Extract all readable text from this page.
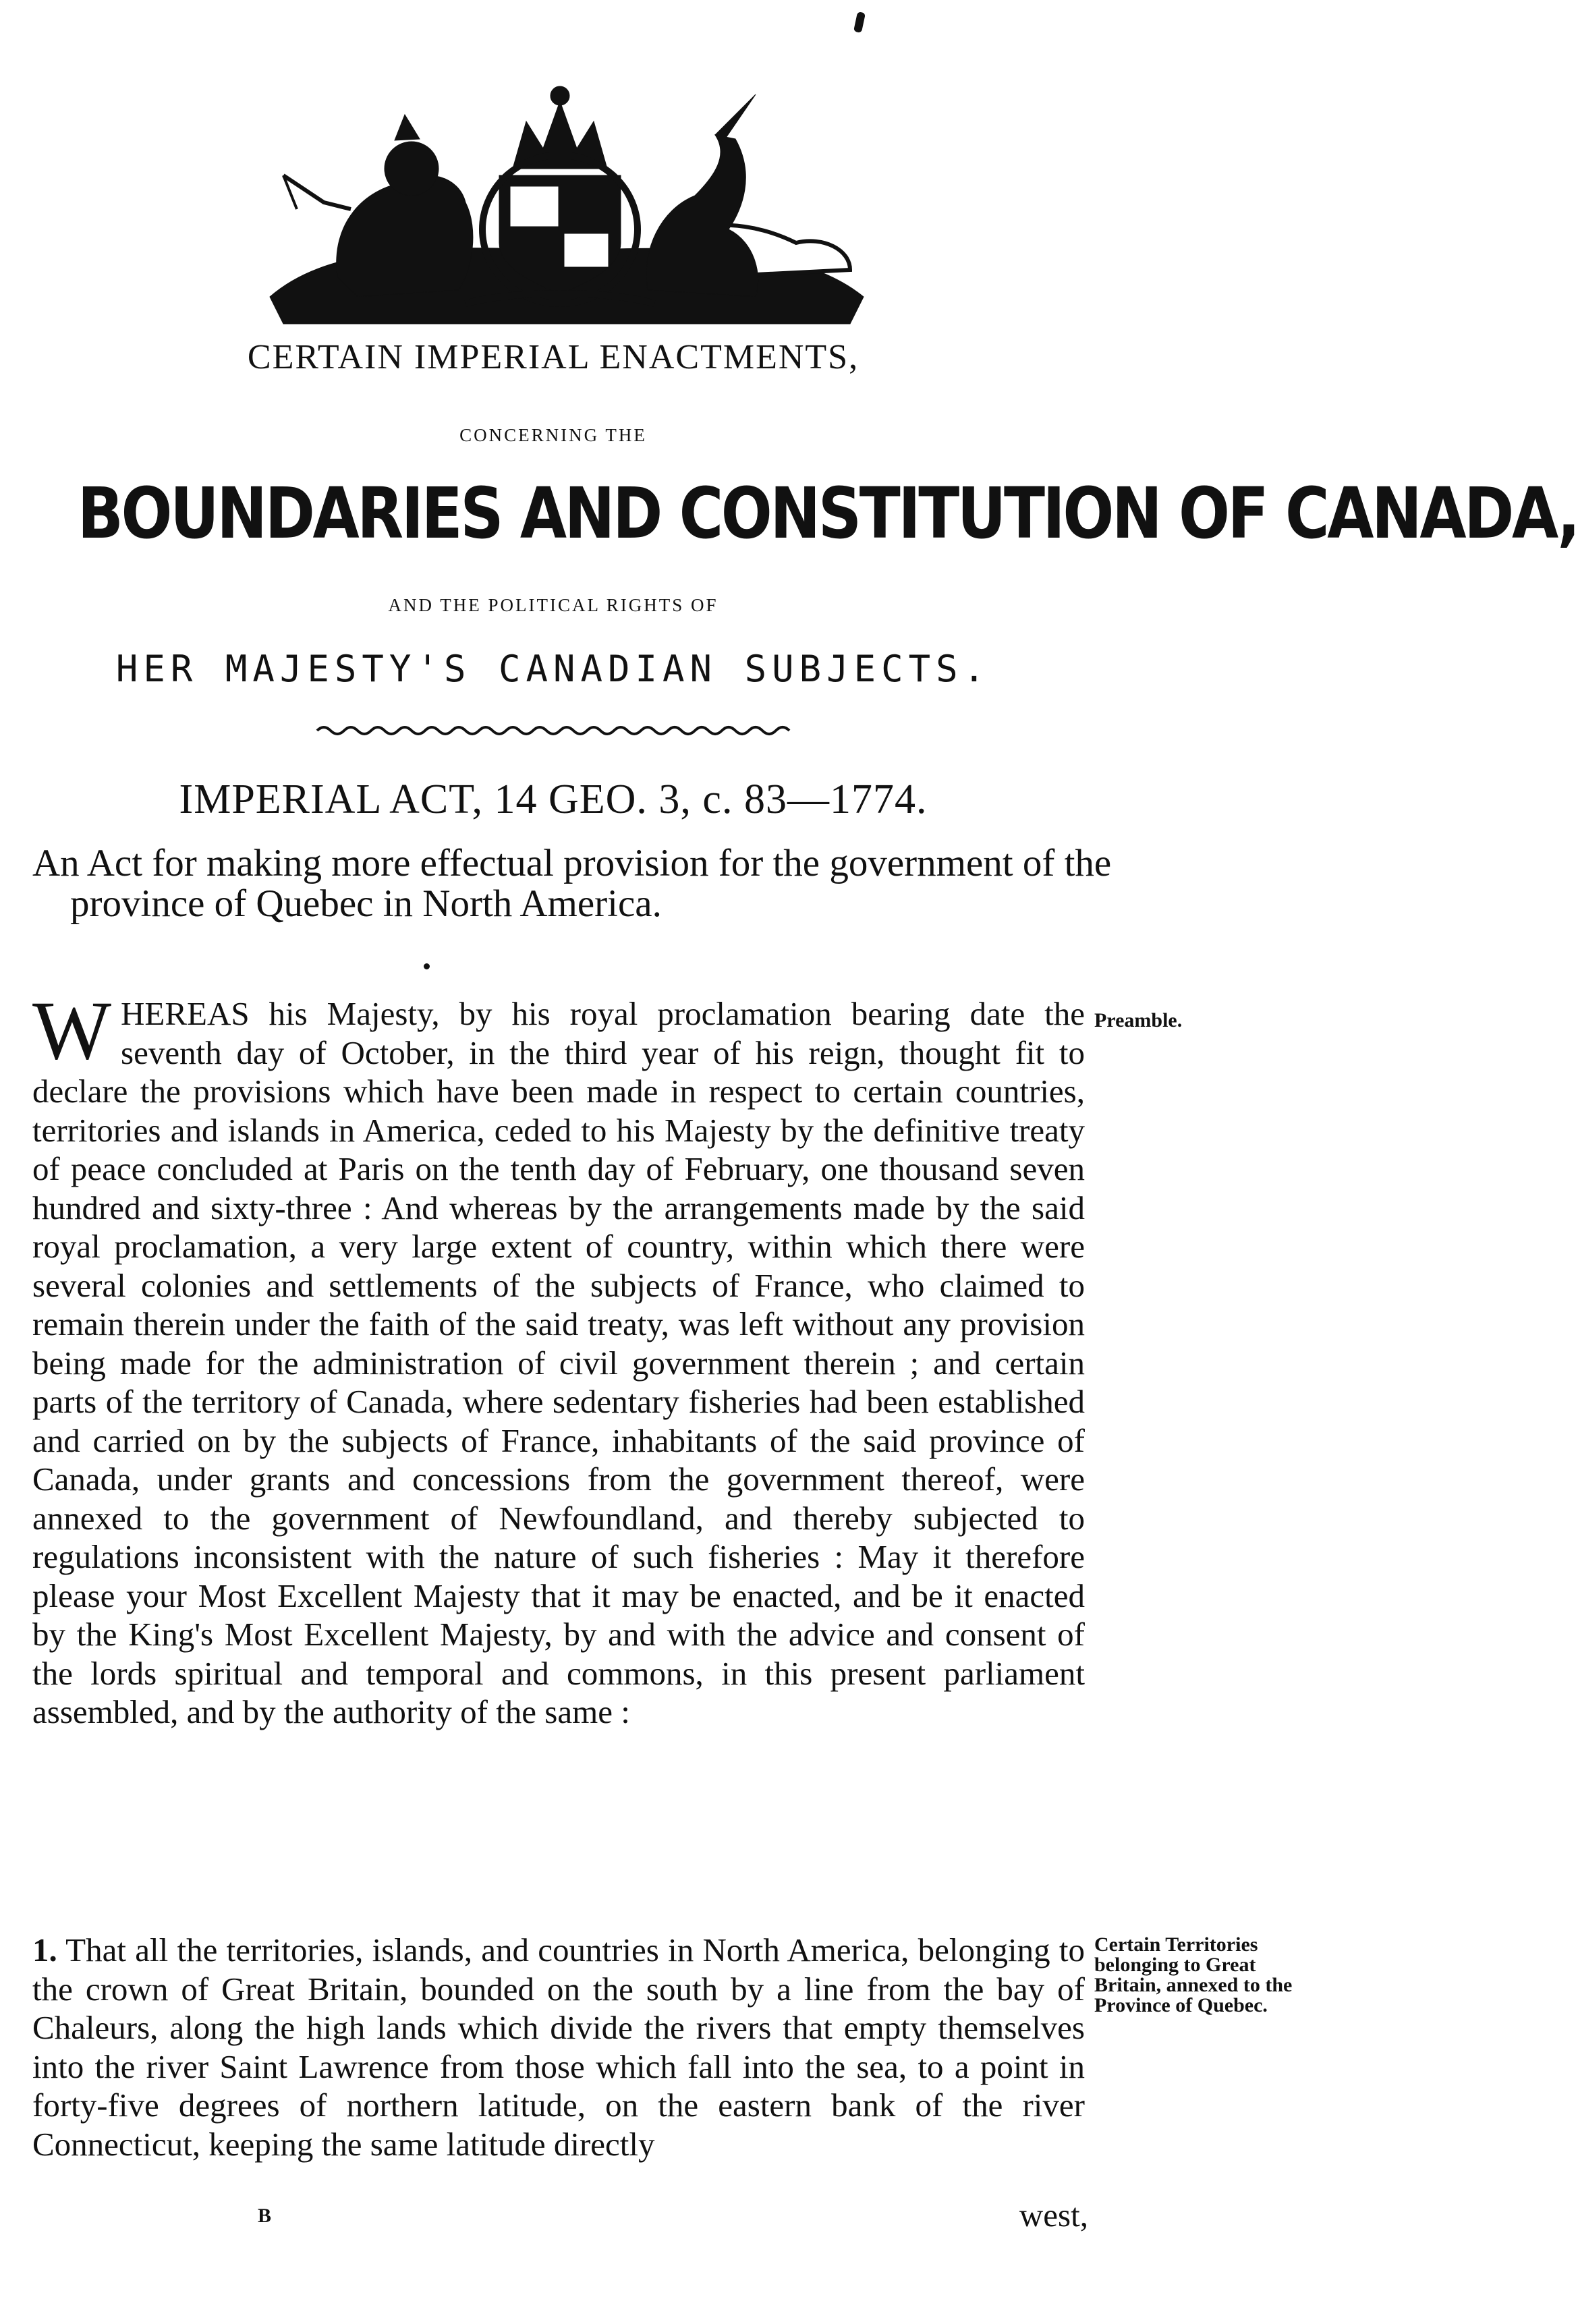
CERTAIN IMPERIAL ENACTMENTS,
CONCERNING THE
BOUNDARIES AND CONSTITUTION OF CANADA,
AND THE POLITICAL RIGHTS OF
HER MAJESTY'S CANADIAN SUBJECTS.
IMPERIAL ACT, 14 GEO. 3, c. 83—1774.
An Act for making more effectual provision for the government of the province of Quebec in North America.
WHEREAS his Majesty, by his royal proclamation bearing date the seventh day of October, in the third year of his reign, thought fit to declare the provisions which have been made in respect to certain countries, territories and islands in America, ceded to his Majesty by the definitive treaty of peace concluded at Paris on the tenth day of February, one thousand seven hundred and sixty-three : And whereas by the arrangements made by the said royal proclamation, a very large extent of country, within which there were several colonies and settlements of the subjects of France, who claimed to remain therein under the faith of the said treaty, was left without any provision being made for the administration of civil government therein ; and certain parts of the territory of Canada, where sedentary fisheries had been established and carried on by the subjects of France, inhabitants of the said province of Canada, under grants and concessions from the government thereof, were annexed to the government of Newfoundland, and thereby subjected to regulations inconsistent with the nature of such fisheries : May it therefore please your Most Excellent Majesty that it may be enacted, and be it enacted by the King's Most Excellent Majesty, by and with the advice and consent of the lords spiritual and temporal and commons, in this present parliament assembled, and by the authority of the same :
Preamble.
1. That all the territories, islands, and countries in North America, belonging to the crown of Great Britain, bounded on the south by a line from the bay of Chaleurs, along the high lands which divide the rivers that empty themselves into the river Saint Lawrence from those which fall into the sea, to a point in forty-five degrees of northern latitude, on the eastern bank of the river Connecticut, keeping the same latitude directly
Certain Territories belonging to Great Britain, annexed to the Province of Quebec.
B	west,
